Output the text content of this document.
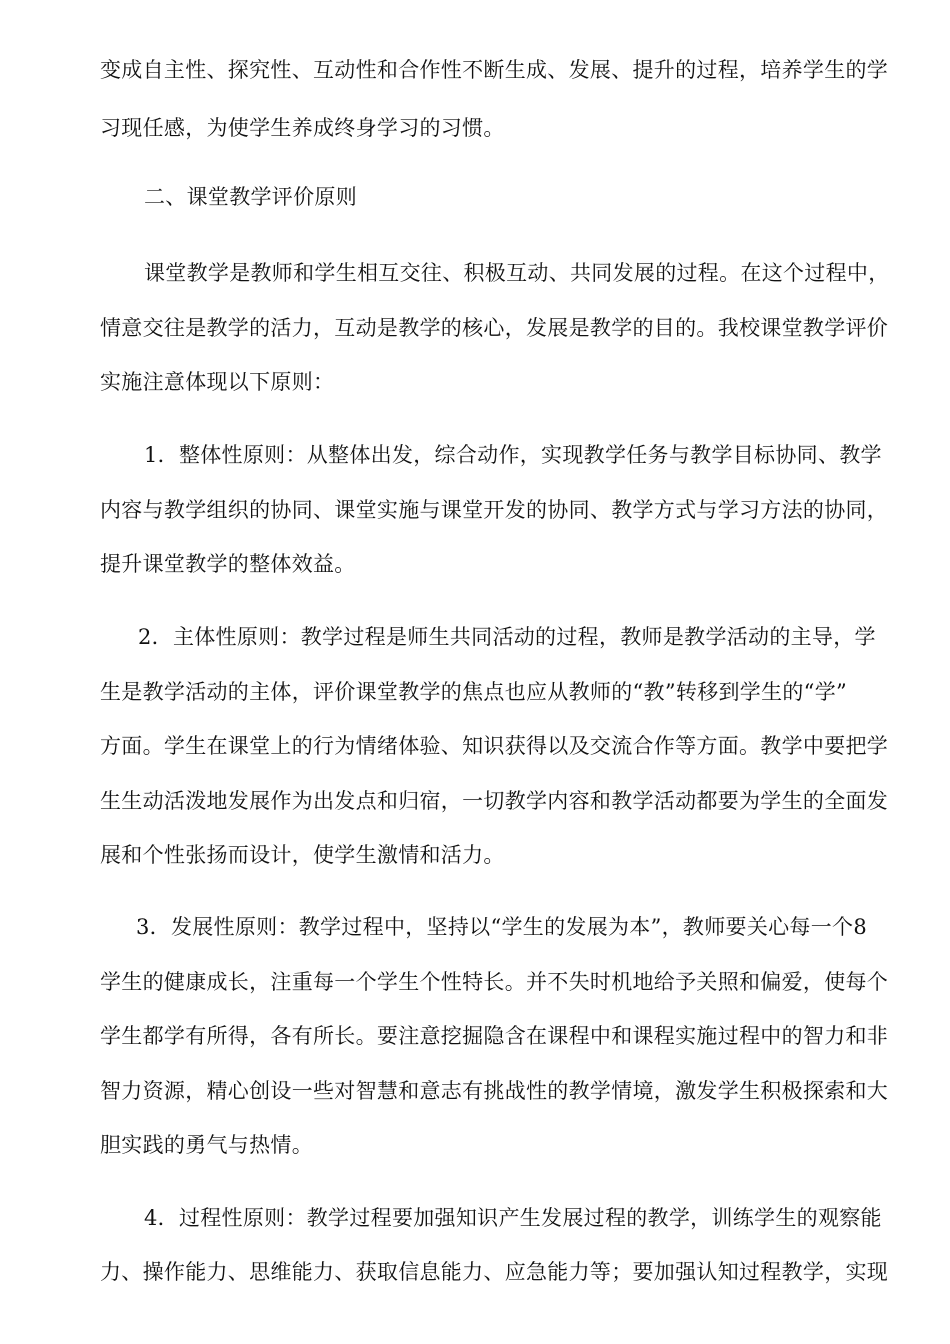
变成自主性、探究性、互动性和合作性不断生成、发展、提升的过程，培养学生的学
习现任感，为使学生养成终身学习的习惯。
二、课堂教学评价原则
课堂教学是教师和学生相互交往、积极互动、共同发展的过程。在这个过程中，
情意交往是教学的活力，互动是教学的核心，发展是教学的目的。我校课堂教学评价
实施注意体现以下原则：
1．整体性原则：从整体出发，综合动作，实现教学任务与教学目标协同、教学
内容与教学组织的协同、课堂实施与课堂开发的协同、教学方式与学习方法的协同，
提升课堂教学的整体效益。
2．主体性原则：教学过程是师生共同活动的过程，教师是教学活动的主导，学
生是教学活动的主体，评价课堂教学的焦点也应从教师的“教”转移到学生的“学”
方面。学生在课堂上的行为情绪体验、知识获得以及交流合作等方面。教学中要把学
生生动活泼地发展作为出发点和归宿，一切教学内容和教学活动都要为学生的全面发
展和个性张扬而设计，使学生激情和活力。
3．发展性原则：教学过程中，坚持以“学生的发展为本”，教师要关心每一个8
学生的健康成长，注重每一个学生个性特长。并不失时机地给予关照和偏爱，使每个
学生都学有所得，各有所长。要注意挖掘隐含在课程中和课程实施过程中的智力和非
智力资源，精心创设一些对智慧和意志有挑战性的教学情境，激发学生积极探索和大
胆实践的勇气与热情。
4．过程性原则：教学过程要加强知识产生发展过程的教学，训练学生的观察能
力、操作能力、思维能力、获取信息能力、应急能力等；要加强认知过程教学，实现
